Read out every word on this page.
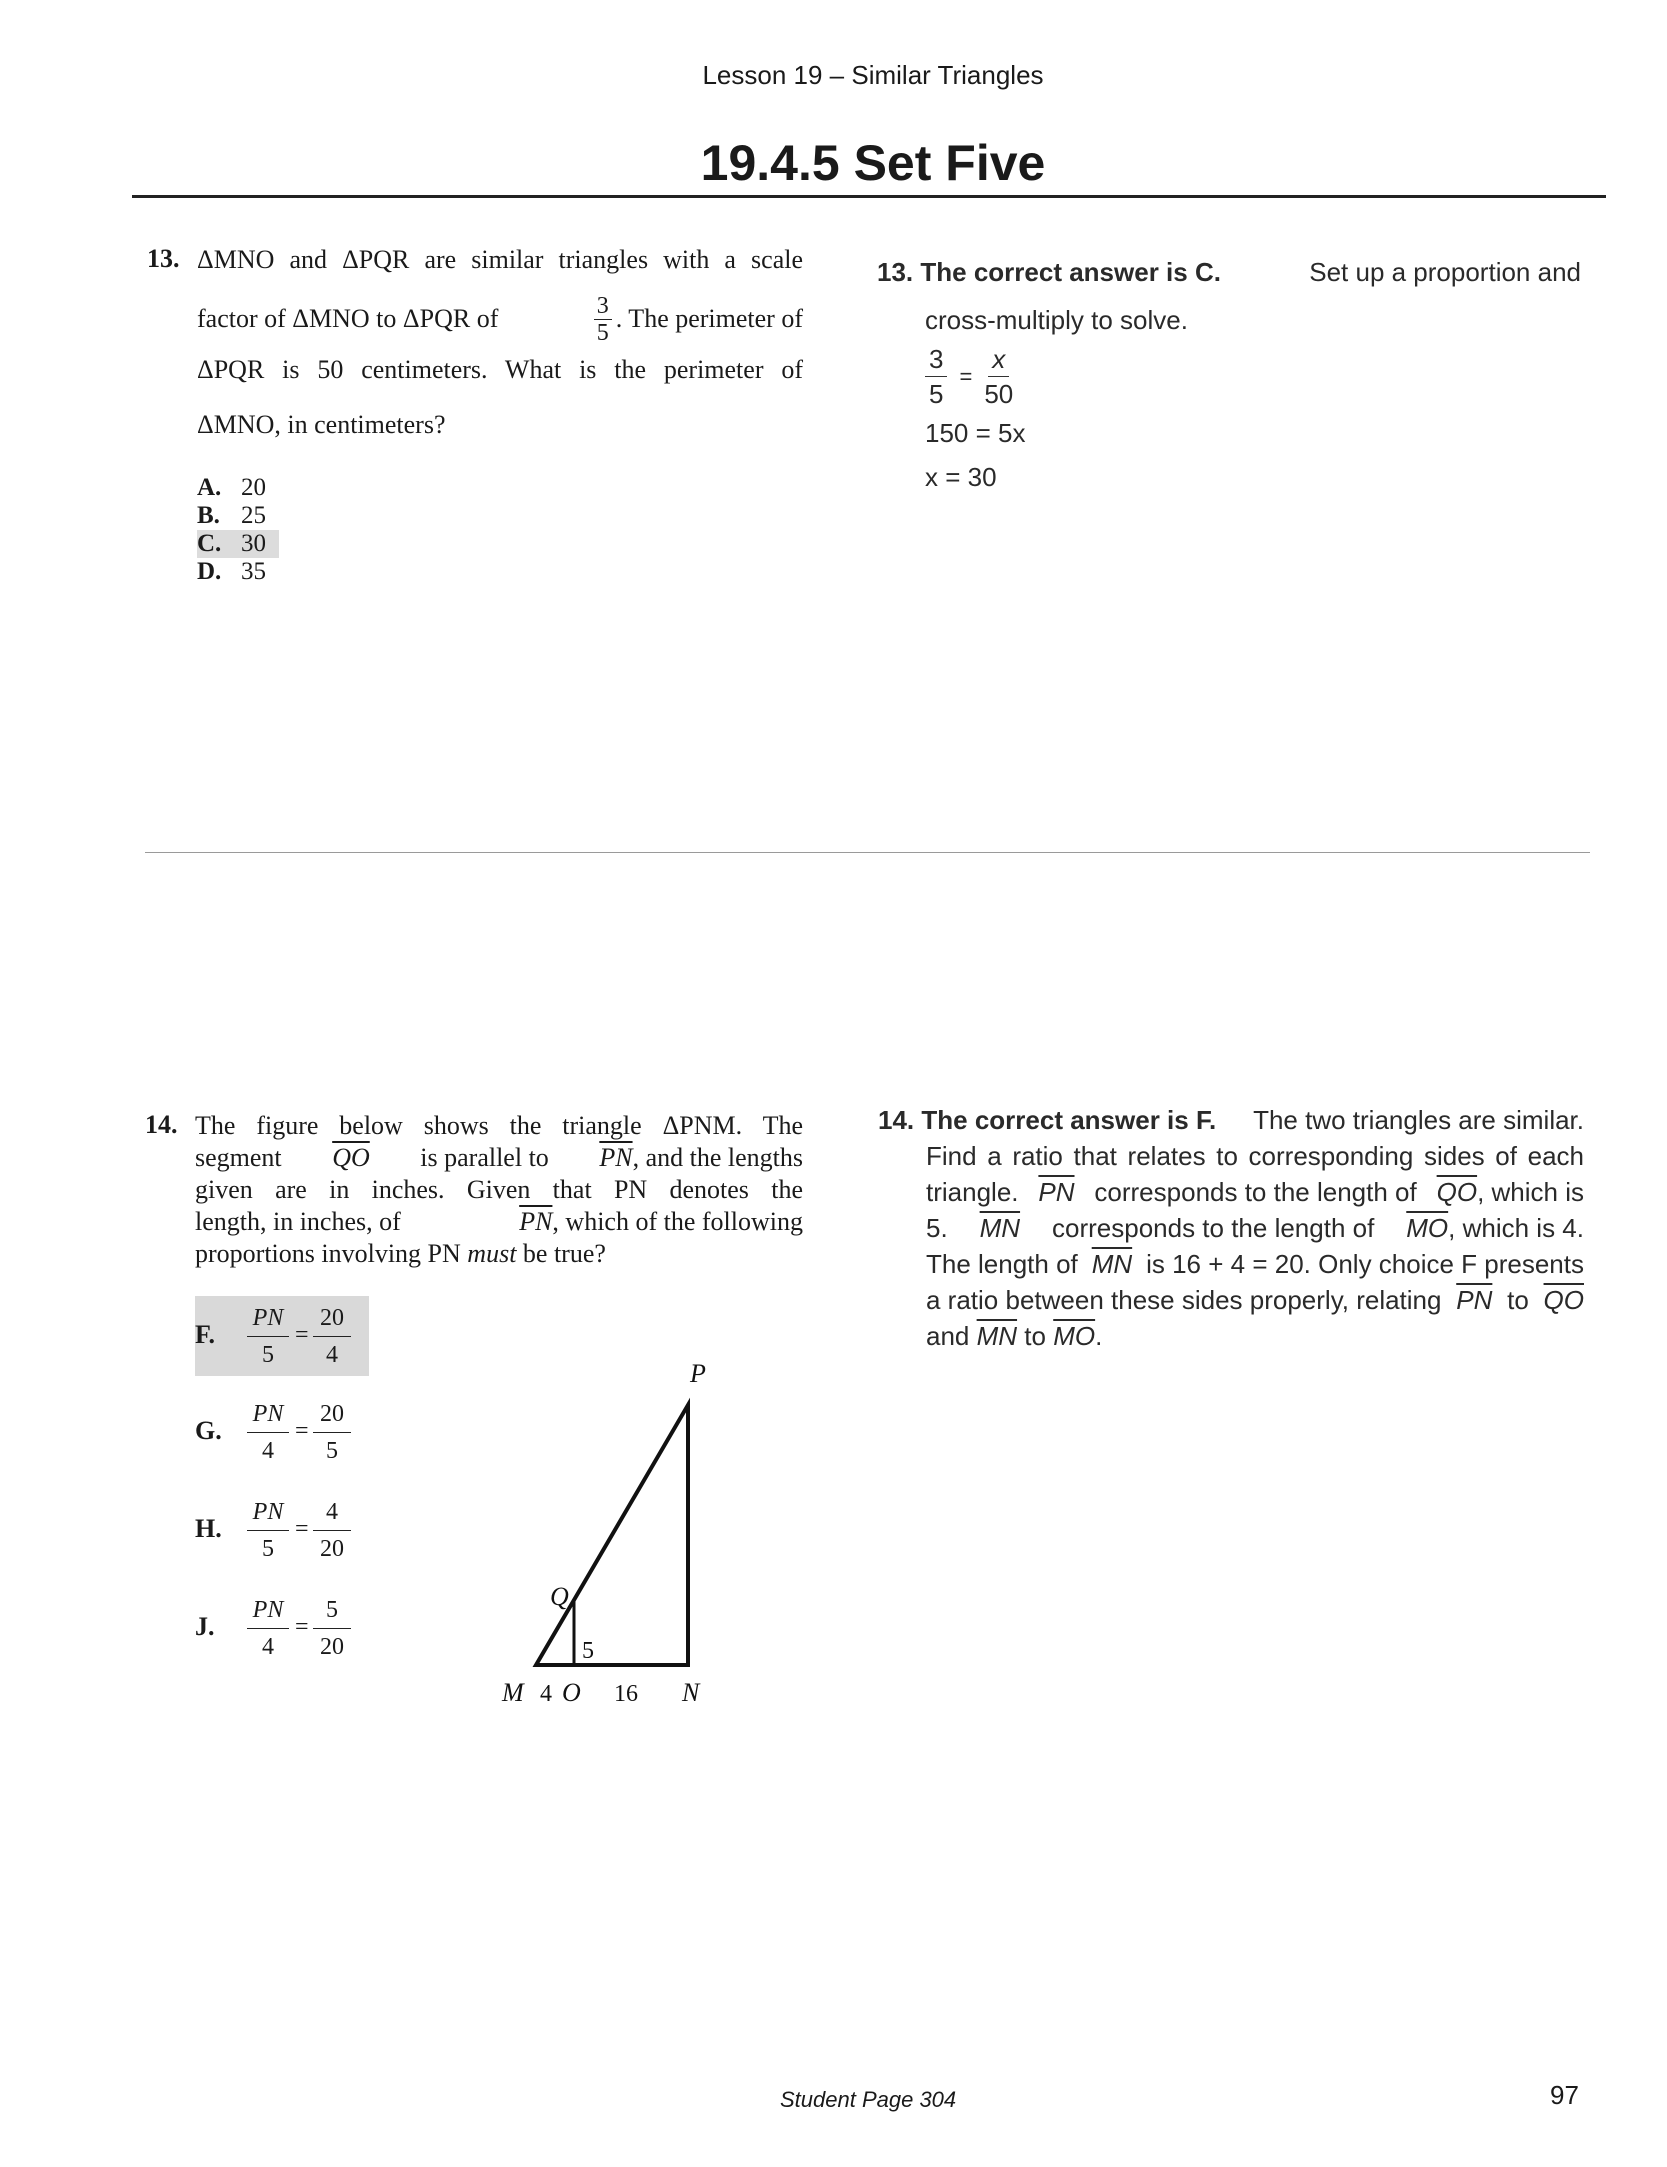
Lesson 19 – Similar Triangles
19.4.5 Set Five
13. ΔMNO and ΔPQR are similar triangles with a scale
factor of ΔMNO to ΔPQR of	$\frac{3}{5}$ . The perimeter of
ΔPQR is 50 centimeters. What is the perimeter of
ΔMNO, in centimeters?
A. 20
B. 25
C. 30
D. 35
13. The correct answer is C.	Set up a proportion and
cross-multiply to solve.
$\frac{3}{5} = \frac{x}{50}$
150 = 5x
x = 30
14. The figure below shows the triangle ΔPNM. The
segment $\overline{QO}$ is parallel to $\overline{PN}$, and the lengths
given are in inches. Given that PN denotes the
length, in inches, of	$\overline{PN}$, which of the following
proportions involving PN must be true?
F.
PN
5
=
20
4
G.
PN
4
=
20
5
H.
PN
5
=
4
20
J.
PN
4
=
5
20
P
Q
5
M 4 O 16 N
14. The correct answer is F. The two triangles are similar.
Find a ratio that relates to corresponding sides of each
triangle. $\overline{PN}$ corresponds to the length of $\overline{QO}$, which is
5. $\overline{MN}$ corresponds to the length of $\overline{MO}$, which is 4.
The length of $\overline{MN}$ is 16 + 4 = 20. Only choice F presents
a ratio between these sides properly, relating $\overline{PN}$ to $\overline{QO}$
and $\overline{MN}$ to $\overline{MO}$.
Student Page 304	97
